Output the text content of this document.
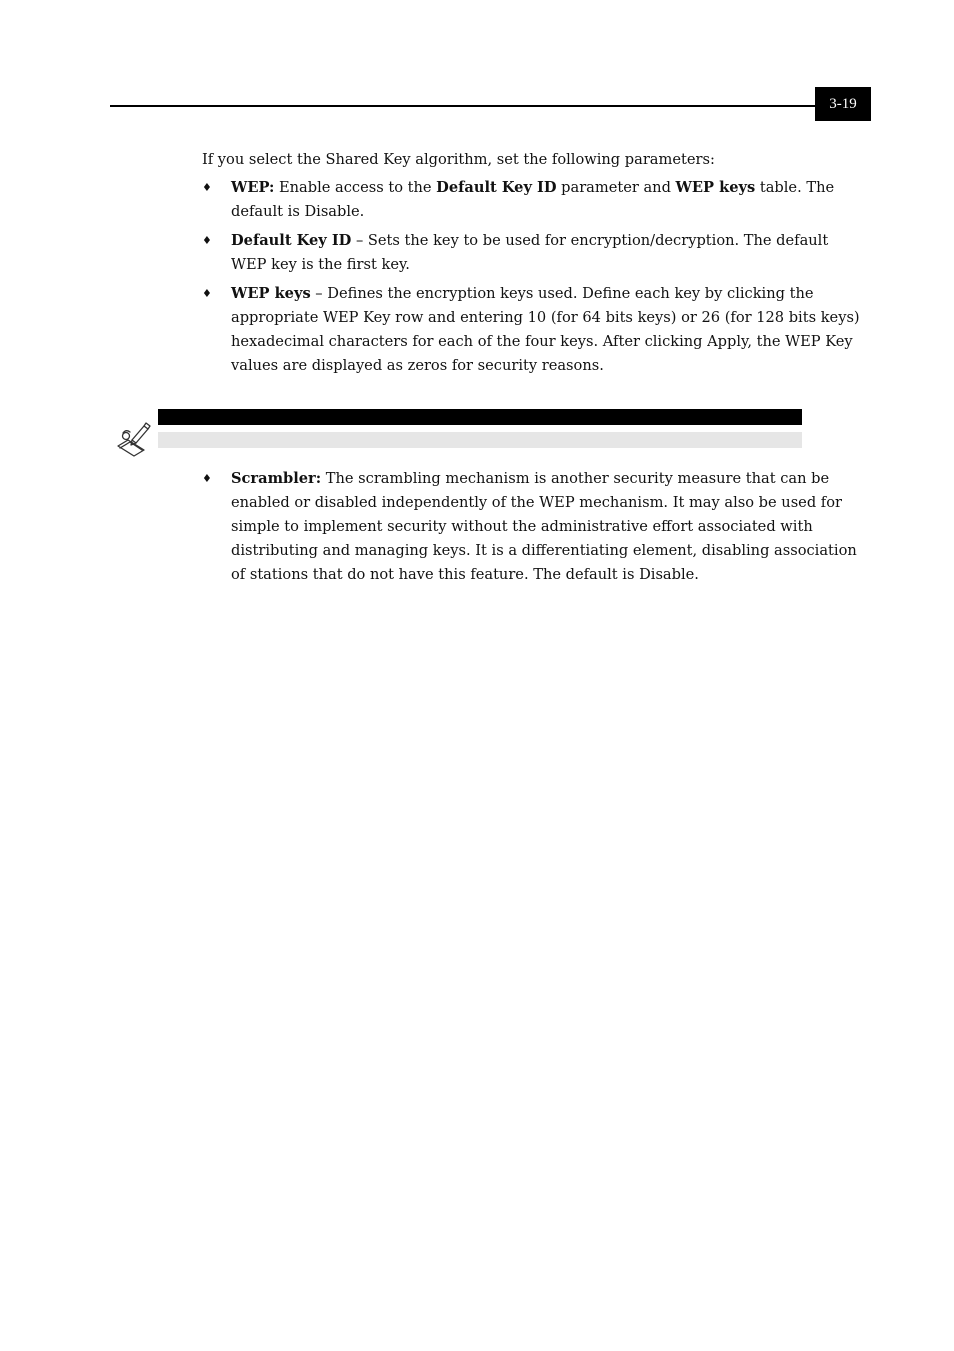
3-19

If you select the Shared Key algorithm, set the following parameters:

♦ WEP: Enable access to the Default Key ID parameter and WEP keys table. The default is Disable.
♦ Default Key ID – Sets the key to be used for encryption/decryption. The default WEP key is the first key.
♦ WEP keys – Defines the encryption keys used. Define each key by clicking the appropriate WEP Key row and entering 10 (for 64 bits keys) or 26 (for 128 bits keys) hexadecimal characters for each of the four keys. After clicking Apply, the WEP Key values are displayed as zeros for security reasons.
♦ Scrambler: The scrambling mechanism is another security measure that can be enabled or disabled independently of the WEP mechanism. It may also be used for simple to implement security without the administrative effort associated with distributing and managing keys. It is a differentiating element, disabling association of stations that do not have this feature. The default is Disable.
